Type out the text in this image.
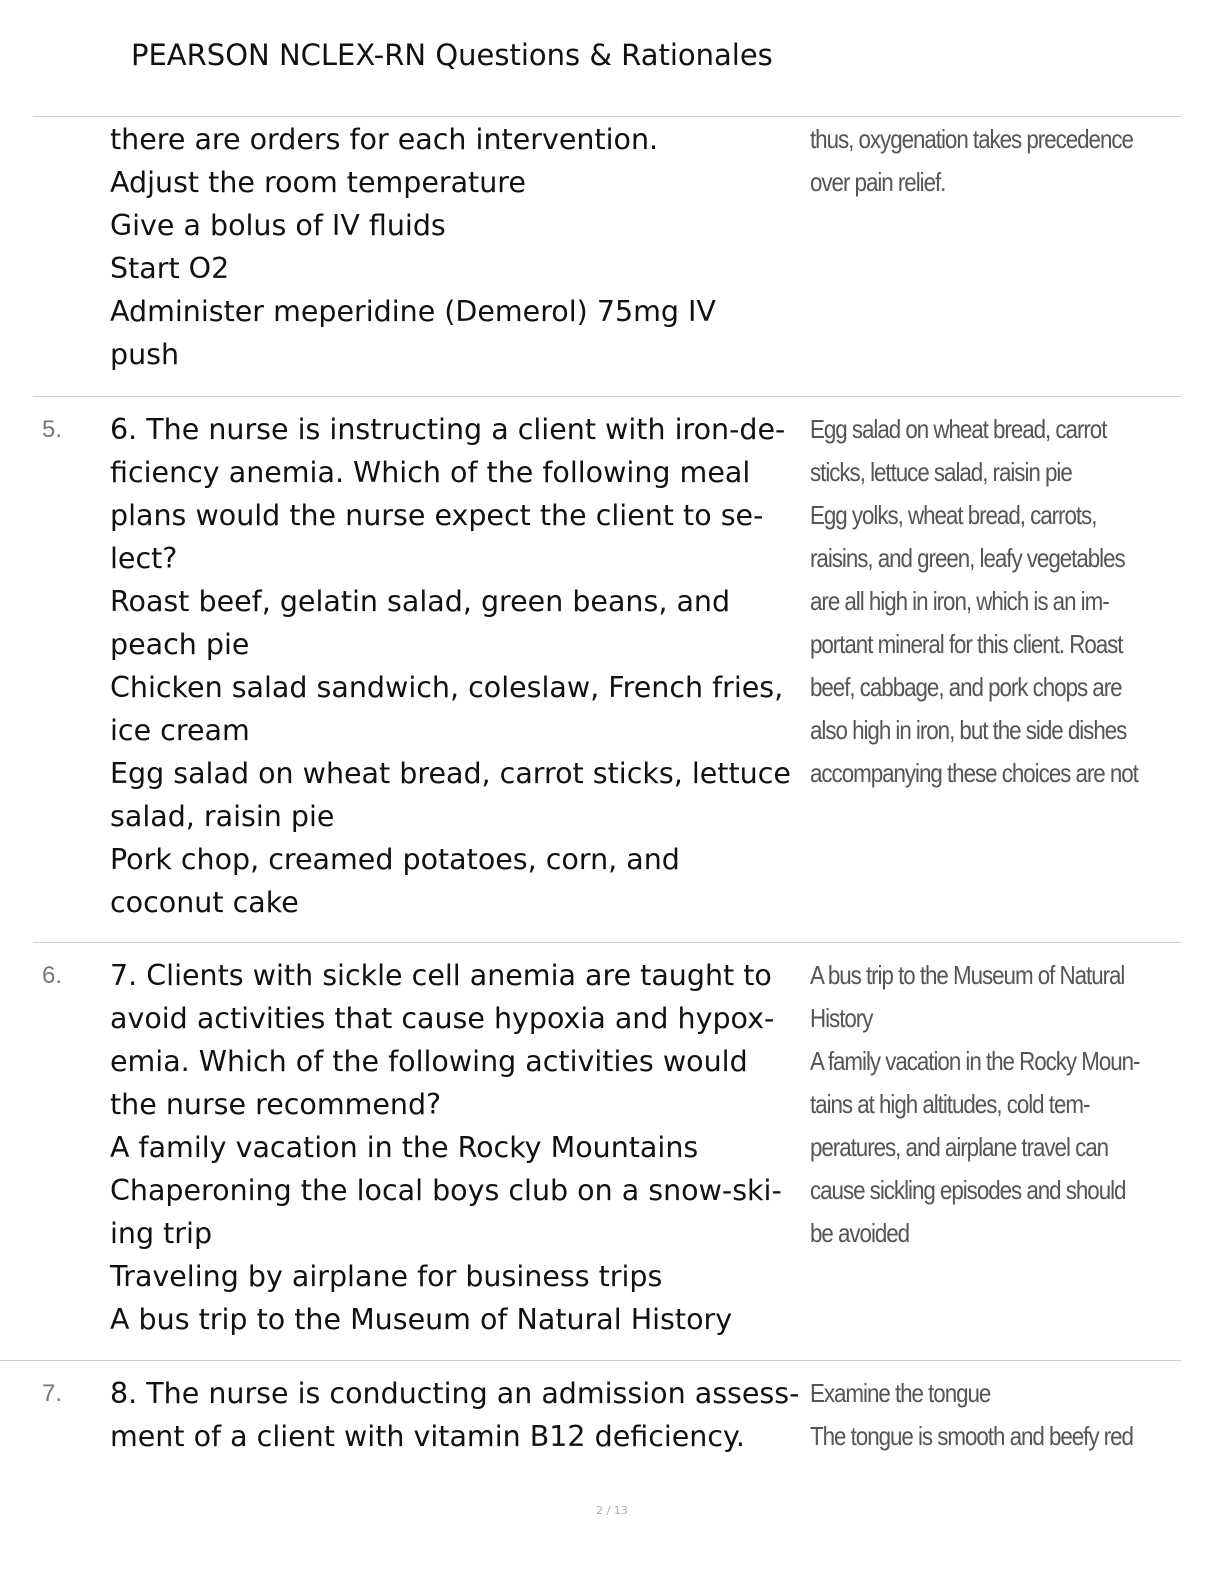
PEARSON NCLEX-RN Questions & Rationales
there are orders for each intervention.
Adjust the room temperature
Give a bolus of IV fluids
Start O2
Administer meperidine (Demerol) 75mg IV
push
thus, oxygenation takes precedence
over pain relief.
5. 6. The nurse is instructing a client with iron-de-
ficiency anemia. Which of the following meal
plans would the nurse expect the client to se-
lect?
Roast beef, gelatin salad, green beans, and
peach pie
Chicken salad sandwich, coleslaw, French fries,
ice cream
Egg salad on wheat bread, carrot sticks, lettuce
salad, raisin pie
Pork chop, creamed potatoes, corn, and
coconut cake
Egg salad on wheat bread, carrot
sticks, lettuce salad, raisin pie
Egg yolks, wheat bread, carrots,
raisins, and green, leafy vegetables
are all high in iron, which is an im-
portant mineral for this client. Roast
beef, cabbage, and pork chops are
also high in iron, but the side dishes
accompanying these choices are not
6. 7. Clients with sickle cell anemia are taught to
avoid activities that cause hypoxia and hypox-
emia. Which of the following activities would
the nurse recommend?
A family vacation in the Rocky Mountains
Chaperoning the local boys club on a snow-ski-
ing trip
Traveling by airplane for business trips
A bus trip to the Museum of Natural History
A bus trip to the Museum of Natural
History
A family vacation in the Rocky Moun-
tains at high altitudes, cold tem-
peratures, and airplane travel can
cause sickling episodes and should
be avoided
7. 8. The nurse is conducting an admission assess-
ment of a client with vitamin B12 deficiency.
Examine the tongue
The tongue is smooth and beefy red
2 / 13
